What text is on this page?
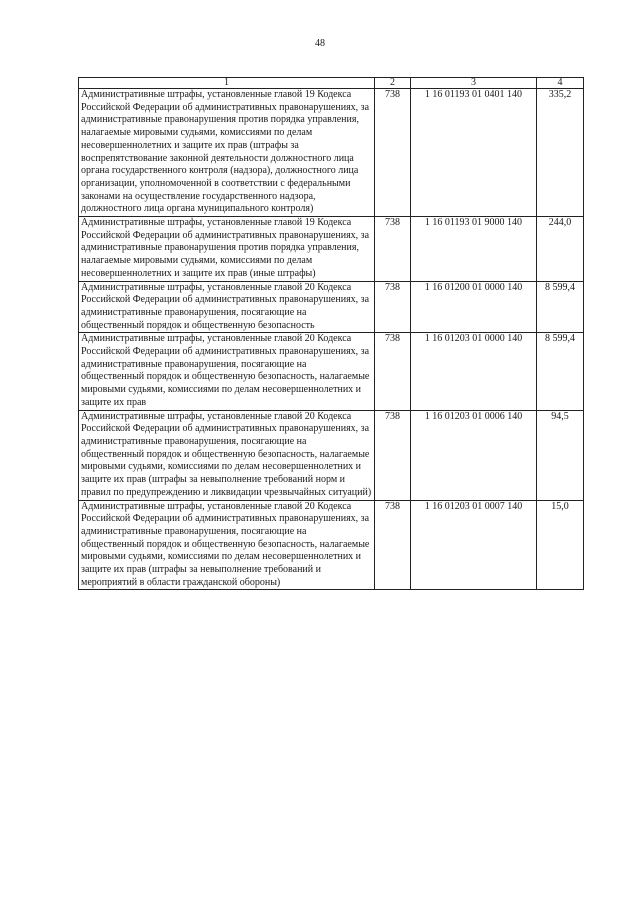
48
1	2	3	4
Административные штрафы, установленные главой 19 Кодекса Российской Федерации об административных правонарушениях, за административные правонарушения против порядка управления, налагаемые мировыми судьями, комиссиями по делам несовершеннолетних и защите их прав (штрафы за воспрепятствование законной деятельности должностного лица органа государственного контроля (надзора), должностного лица организации, уполномоченной в соответствии с федеральными законами на осуществление государственного надзора, должностного лица органа муниципального контроля)	738	1 16 01193 01 0401 140	335,2
Административные штрафы, установленные главой 19 Кодекса Российской Федерации об административных правонарушениях, за административные правонарушения против порядка управления, налагаемые мировыми судьями, комиссиями по делам несовершеннолетних и защите их прав (иные штрафы)	738	1 16 01193 01 9000 140	244,0
Административные штрафы, установленные главой 20 Кодекса Российской Федерации об административных правонарушениях, за административные правонарушения, посягающие на общественный порядок и общественную безопасность	738	1 16 01200 01 0000 140	8 599,4
Административные штрафы, установленные главой 20 Кодекса Российской Федерации об административных правонарушениях, за административные правонарушения, посягающие на общественный порядок и общественную безопасность, налагаемые мировыми судьями, комиссиями по делам несовершеннолетних и защите их прав	738	1 16 01203 01 0000 140	8 599,4
Административные штрафы, установленные главой 20 Кодекса Российской Федерации об административных правонарушениях, за административные правонарушения, посягающие на общественный порядок и общественную безопасность, налагаемые мировыми судьями, комиссиями по делам несовершеннолетних и защите их прав (штрафы за невыполнение требований норм и правил по предупреждению и ликвидации чрезвычайных ситуаций)	738	1 16 01203 01 0006 140	94,5
Административные штрафы, установленные главой 20 Кодекса Российской Федерации об административных правонарушениях, за административные правонарушения, посягающие на общественный порядок и общественную безопасность, налагаемые мировыми судьями, комиссиями по делам несовершеннолетних и защите их прав (штрафы за невыполнение требований и мероприятий в области гражданской обороны)	738	1 16 01203 01 0007 140	15,0
